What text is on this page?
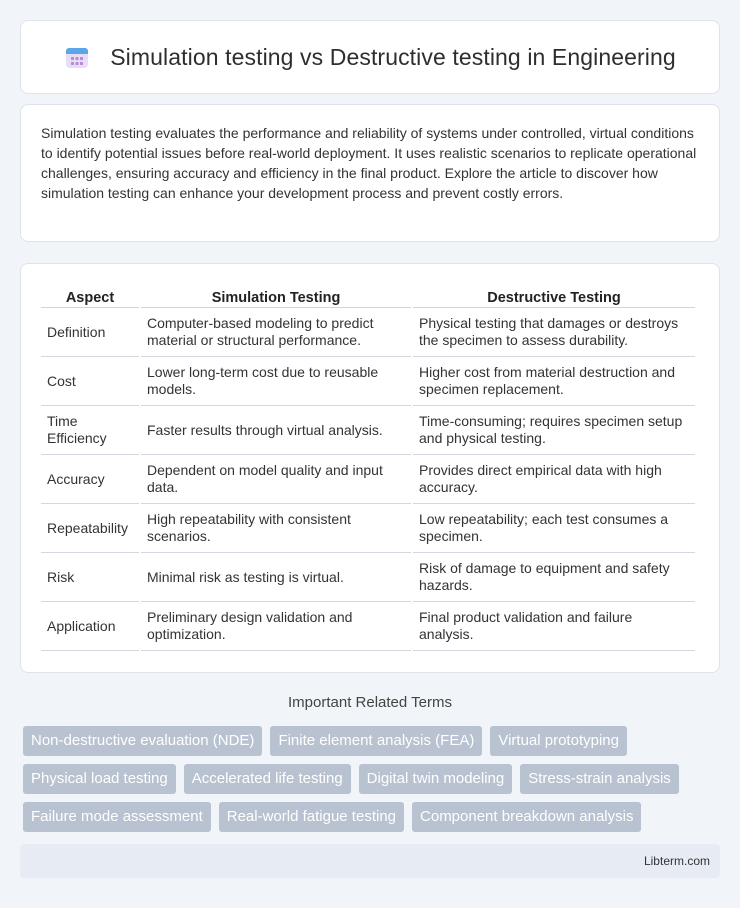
Simulation testing vs Destructive testing in Engineering

Simulation testing evaluates the performance and reliability of systems under controlled, virtual conditions to identify potential issues before real-world deployment. It uses realistic scenarios to replicate operational challenges, ensuring accuracy and efficiency in the final product. Explore the article to discover how simulation testing can enhance your development process and prevent costly errors.

Aspect	Simulation Testing	Destructive Testing
Definition	Computer-based modeling to predict material or structural performance.	Physical testing that damages or destroys the specimen to assess durability.
Cost	Lower long-term cost due to reusable models.	Higher cost from material destruction and specimen replacement.
Time Efficiency	Faster results through virtual analysis.	Time-consuming; requires specimen setup and physical testing.
Accuracy	Dependent on model quality and input data.	Provides direct empirical data with high accuracy.
Repeatability	High repeatability with consistent scenarios.	Low repeatability; each test consumes a specimen.
Risk	Minimal risk as testing is virtual.	Risk of damage to equipment and safety hazards.
Application	Preliminary design validation and optimization.	Final product validation and failure analysis.
Important Related Terms
Non-destructive evaluation (NDE)	Finite element analysis (FEA)	Virtual prototyping
Physical load testing	Accelerated life testing	Digital twin modeling	Stress-strain analysis
Failure mode assessment	Real-world fatigue testing	Component breakdown analysis
Libterm.com
